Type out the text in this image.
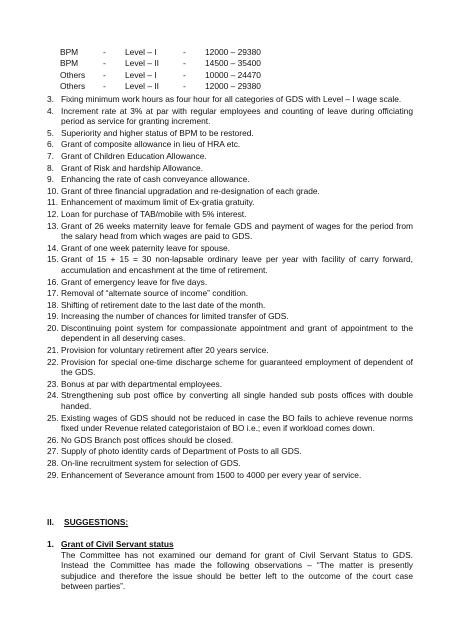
BPM	-	Level – I	-	12000 – 29380
BPM	-	Level – II	-	14500 – 35400
Others	-	Level – I	-	10000 – 24470
Others	-	Level – II	-	12000 – 29380
3. Fixing minimum work hours as four hour for all categories of GDS with Level – I wage scale.
4. Increment rate at 3% at par with regular employees and counting of leave during officiating period as service for granting increment.
5. Superiority and higher status of BPM to be restored.
6. Grant of composite allowance in lieu of HRA etc.
7. Grant of Children Education Allowance.
8. Grant of Risk and hardship Allowance.
9. Enhancing the rate of cash conveyance allowance.
10. Grant of three financial upgradation and re-designation of each grade.
11. Enhancement of maximum limit of Ex-gratia gratuity.
12. Loan for purchase of TAB/mobile with 5% interest.
13. Grant of 26 weeks maternity leave for female GDS and payment of wages for the period from the salary head from which wages are paid to GDS.
14. Grant of one week paternity leave for spouse.
15. Grant of 15 + 15 = 30 non-lapsable ordinary leave per year with facility of carry forward, accumulation and encashment at the time of retirement.
16. Grant of emergency leave for five days.
17. Removal of “alternate source of income” condition.
18. Shifting of retirement date to the last date of the month.
19. Increasing the number of chances for limited transfer of GDS.
20. Discontinuing point system for compassionate appointment and grant of appointment to the dependent in all deserving cases.
21. Provision for voluntary retirement after 20 years service.
22. Provision for special one-time discharge scheme for guaranteed employment of dependent of the GDS.
23. Bonus at par with departmental employees.
24. Strengthening sub post office by converting all single handed sub posts offices with double handed.
25. Existing wages of GDS should not be reduced in case the BO fails to achieve revenue norms fixed under Revenue related categoristaion of BO i.e.; even if workload comes down.
26. No GDS Branch post offices should be closed.
27. Supply of photo identity cards of Department of Posts to all GDS.
28. On-line recruitment system for selection of GDS.
29. Enhancement of Severance amount from 1500 to 4000 per every year of service.
II.	SUGGESTIONS:
1. Grant of Civil Servant status
The Committee has not examined our demand for grant of Civil Servant Status to GDS. Instead the Committee has made the following observations – “The matter is presently subjudice and therefore the issue should be better left to the outcome of the court case between parties”.
